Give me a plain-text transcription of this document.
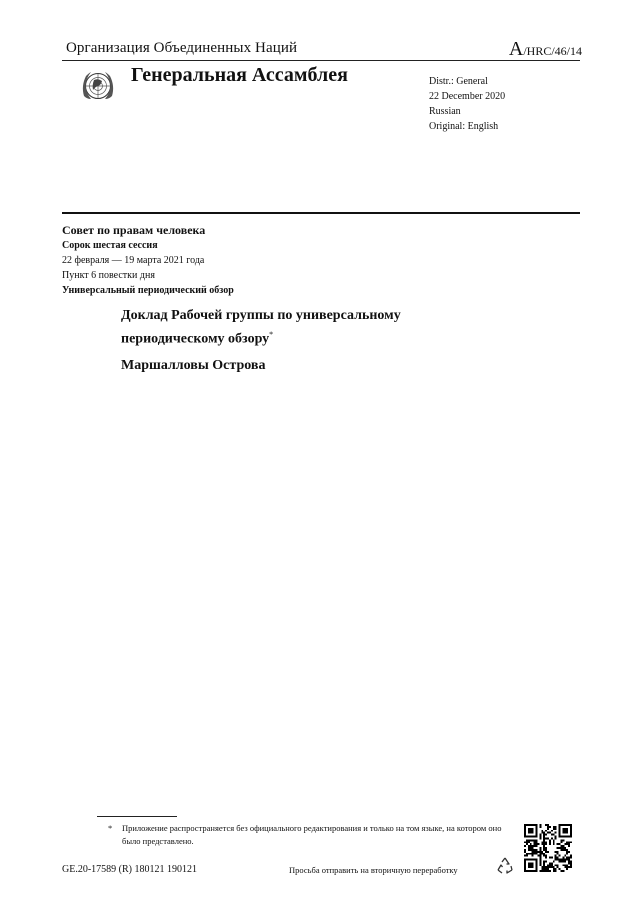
Организация Объединенных Наций	A/HRC/46/14
Генеральная Ассамблея	Distr.: General
22 December 2020
Russian
Original: English
Совет по правам человека
Сорок шестая сессия
22 февраля — 19 марта 2021 года
Пункт 6 повестки дня
Универсальный периодический обзор
Доклад Рабочей группы по универсальному периодическому обзору*
Маршалловы Острова
*	Приложение распространяется без официального редактирования и только на том языке, на котором оно было представлено.
GE.20-17589 (R) 180121 190121	Просьба отправить на вторичную переработку
